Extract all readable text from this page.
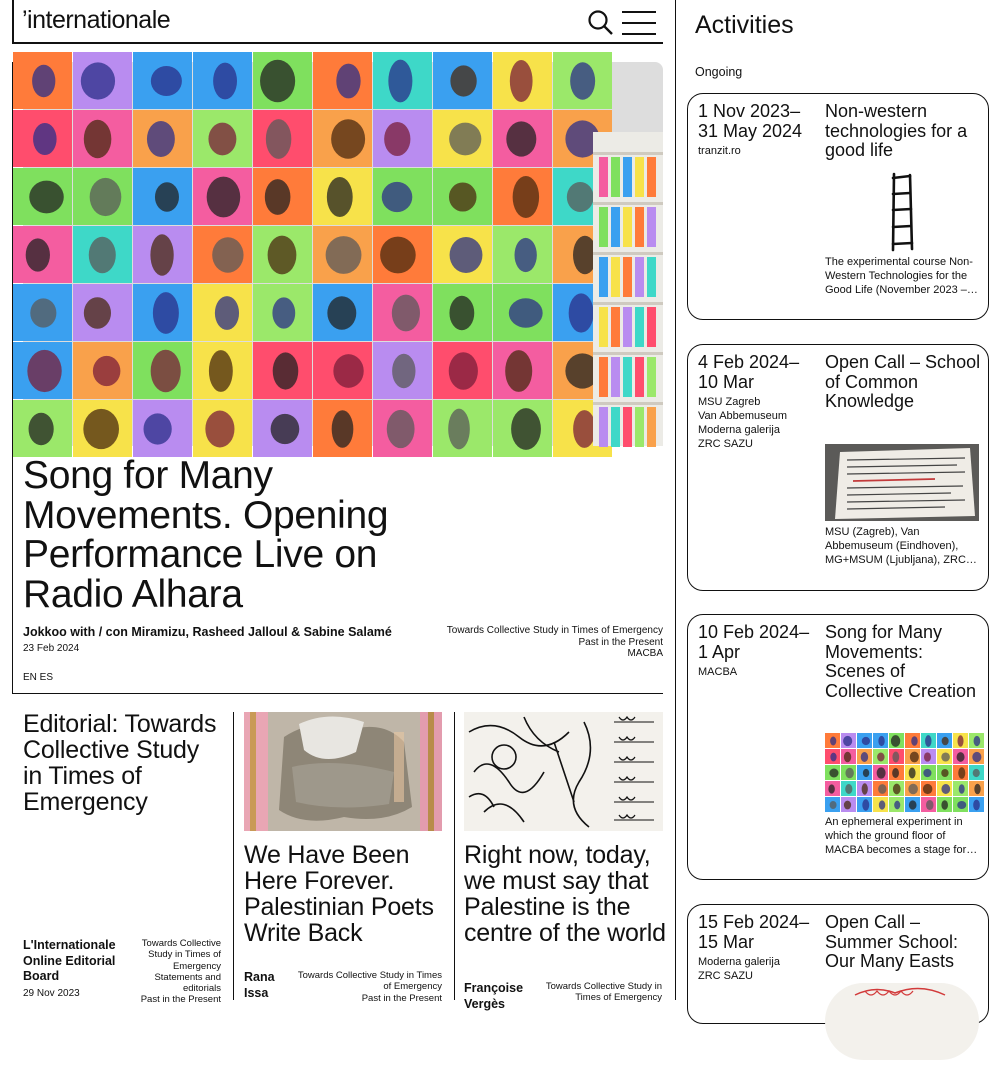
’internationale
Song for Many Movements. Opening Performance Live on Radio Alhara
Jokkoo with / con Miramizu, Rasheed Jalloul & Sabine Salamé
23 Feb 2024
Towards Collective Study in Times of Emergency
Past in the Present
MACBA
EN ES
Editorial: Towards Collective Study in Times of Emergency
L'Internationale Online Editorial Board
29 Nov 2023
Towards Collective Study in Times of Emergency
Statements and editorials
Past in the Present
We Have Been Here Forever. Palestinian Poets Write Back
Rana Issa
Towards Collective Study in Times of Emergency
Past in the Present
Right now, today, we must say that Palestine is the centre of the world
Françoise Vergès
Towards Collective Study in Times of Emergency
Activities
Ongoing
1 Nov 2023– 31 May 2024
tranzit.ro
Non-western technologies for a good life
The experimental course Non-Western Technologies for the Good Life (November 2023 –…
4 Feb 2024– 10 Mar
MSU Zagreb
Van Abbemuseum
Moderna galerija
ZRC SAZU
Open Call – School of Common Knowledge
MSU (Zagreb), Van Abbemuseum (Eindhoven), MG+MSUM (Ljubljana), ZRC…
10 Feb 2024– 1 Apr
MACBA
Song for Many Movements: Scenes of Collective Creation
An ephemeral experiment in which the ground floor of MACBA becomes a stage for…
15 Feb 2024– 15 Mar
Moderna galerija
ZRC SAZU
Open Call – Summer School: Our Many Easts
